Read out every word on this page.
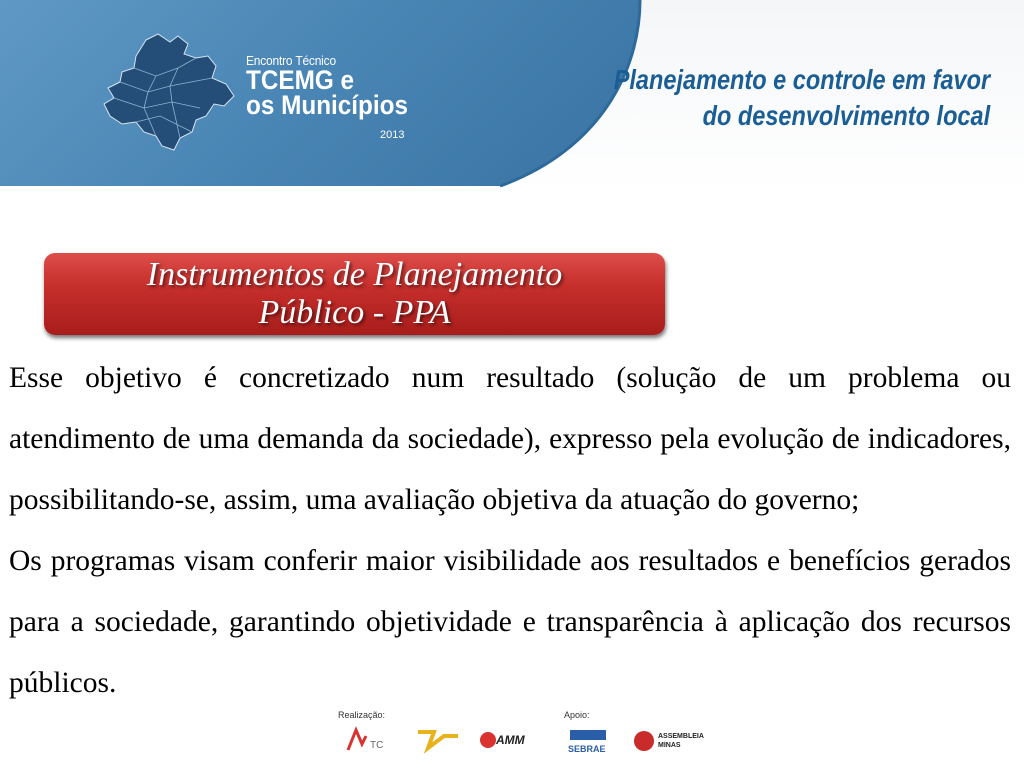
Encontro Técnico
TCEMG e
os Municípios
2013
Planejamento e controle em favor
do desenvolvimento local
Instrumentos de Planejamento
Público - PPA

Esse objetivo é concretizado num resultado (solução de um problema ou atendimento de uma demanda da sociedade), expresso pela evolução de indicadores, possibilitando-se, assim, uma avaliação objetiva da atuação do governo;

Os programas visam conferir maior visibilidade aos resultados e benefícios gerados para a sociedade, garantindo objetividade e transparência à aplicação dos recursos públicos.

Realização:	Apoio:
TC	AMM
SEBRAE
ASSEMBLEIA
MINAS
